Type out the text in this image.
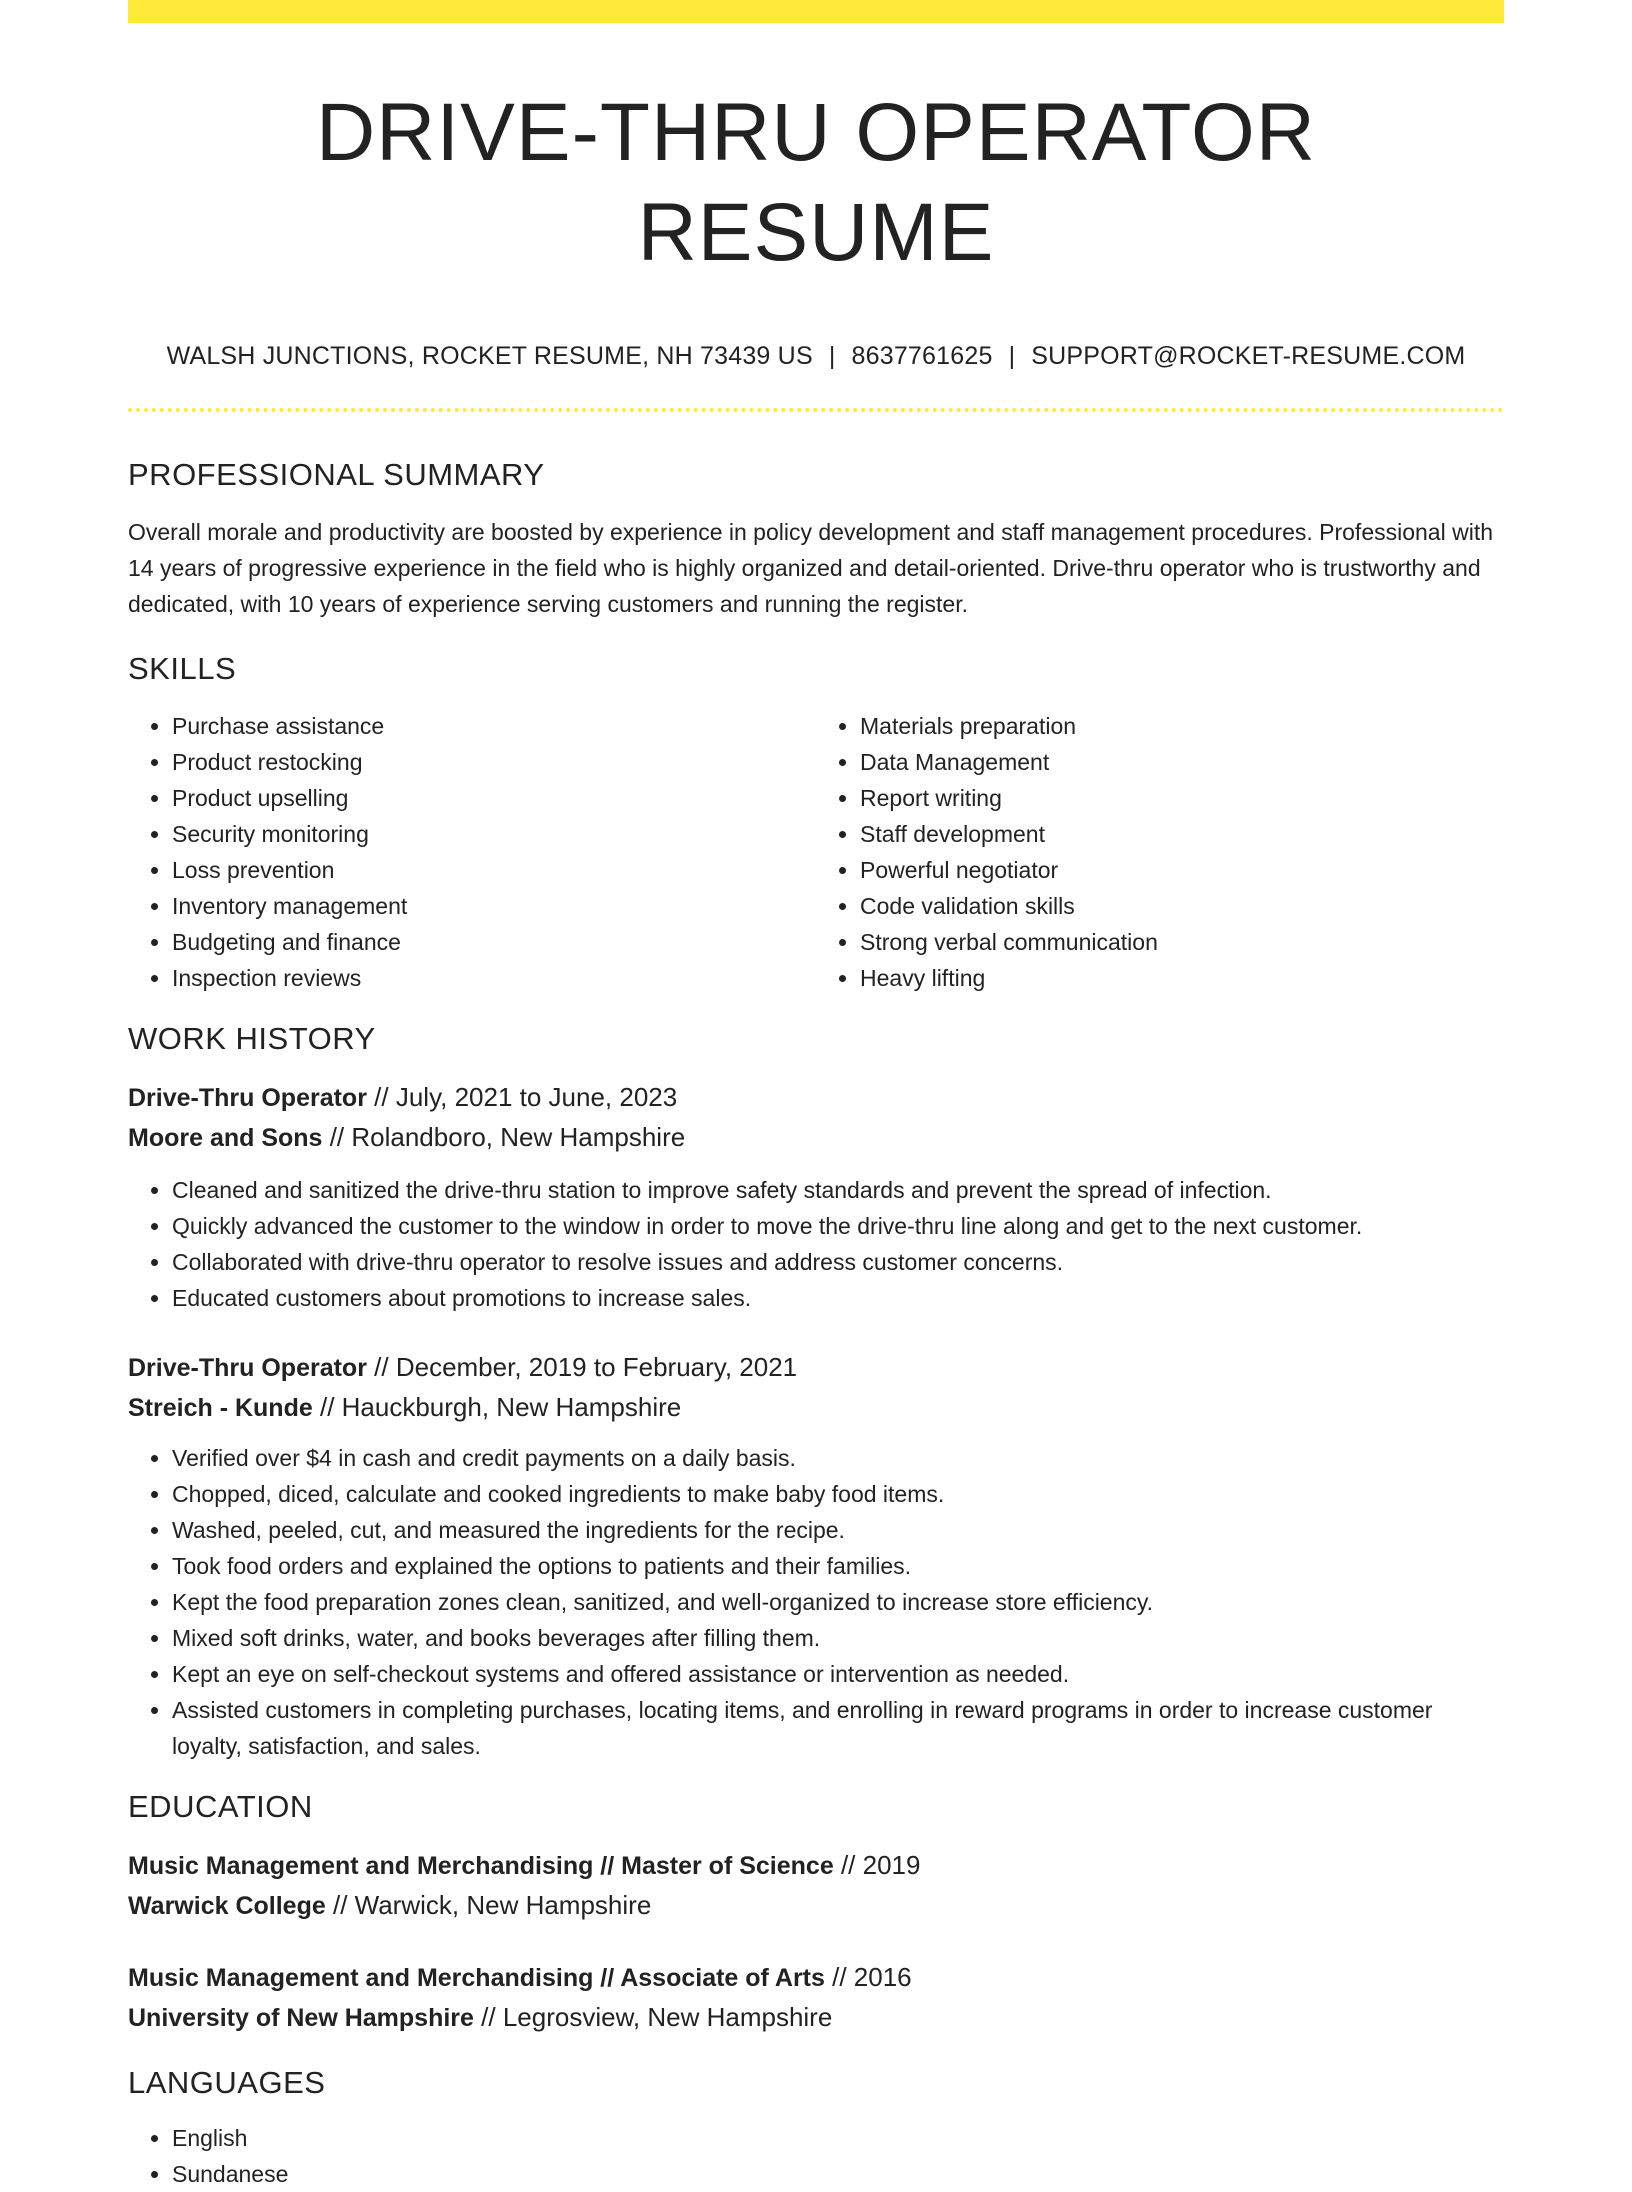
DRIVE-THRU OPERATOR RESUME
WALSH JUNCTIONS, ROCKET RESUME, NH 73439 US | 8637761625 | SUPPORT@ROCKET-RESUME.COM
PROFESSIONAL SUMMARY

Overall morale and productivity are boosted by experience in policy development and staff management procedures. Professional with 14 years of progressive experience in the field who is highly organized and detail-oriented. Drive-thru operator who is trustworthy and dedicated, with 10 years of experience serving customers and running the register.

SKILLS
• Purchase assistance
• Product restocking
• Product upselling
• Security monitoring
• Loss prevention
• Inventory management
• Budgeting and finance
• Inspection reviews
• Materials preparation
• Data Management
• Report writing
• Staff development
• Powerful negotiator
• Code validation skills
• Strong verbal communication
• Heavy lifting
WORK HISTORY
Drive-Thru Operator // July, 2021 to June, 2023
Moore and Sons // Rolandboro, New Hampshire
• Cleaned and sanitized the drive-thru station to improve safety standards and prevent the spread of infection.
• Quickly advanced the customer to the window in order to move the drive-thru line along and get to the next customer.
• Collaborated with drive-thru operator to resolve issues and address customer concerns.
• Educated customers about promotions to increase sales.
Drive-Thru Operator // December, 2019 to February, 2021
Streich - Kunde // Hauckburgh, New Hampshire
• Verified over $4 in cash and credit payments on a daily basis.
• Chopped, diced, calculate and cooked ingredients to make baby food items.
• Washed, peeled, cut, and measured the ingredients for the recipe.
• Took food orders and explained the options to patients and their families.
• Kept the food preparation zones clean, sanitized, and well-organized to increase store efficiency.
• Mixed soft drinks, water, and books beverages after filling them.
• Kept an eye on self-checkout systems and offered assistance or intervention as needed.
• Assisted customers in completing purchases, locating items, and enrolling in reward programs in order to increase customer loyalty, satisfaction, and sales.
EDUCATION
Music Management and Merchandising // Master of Science // 2019
Warwick College // Warwick, New Hampshire
Music Management and Merchandising // Associate of Arts // 2016
University of New Hampshire // Legrosview, New Hampshire
LANGUAGES
• English
• Sundanese
